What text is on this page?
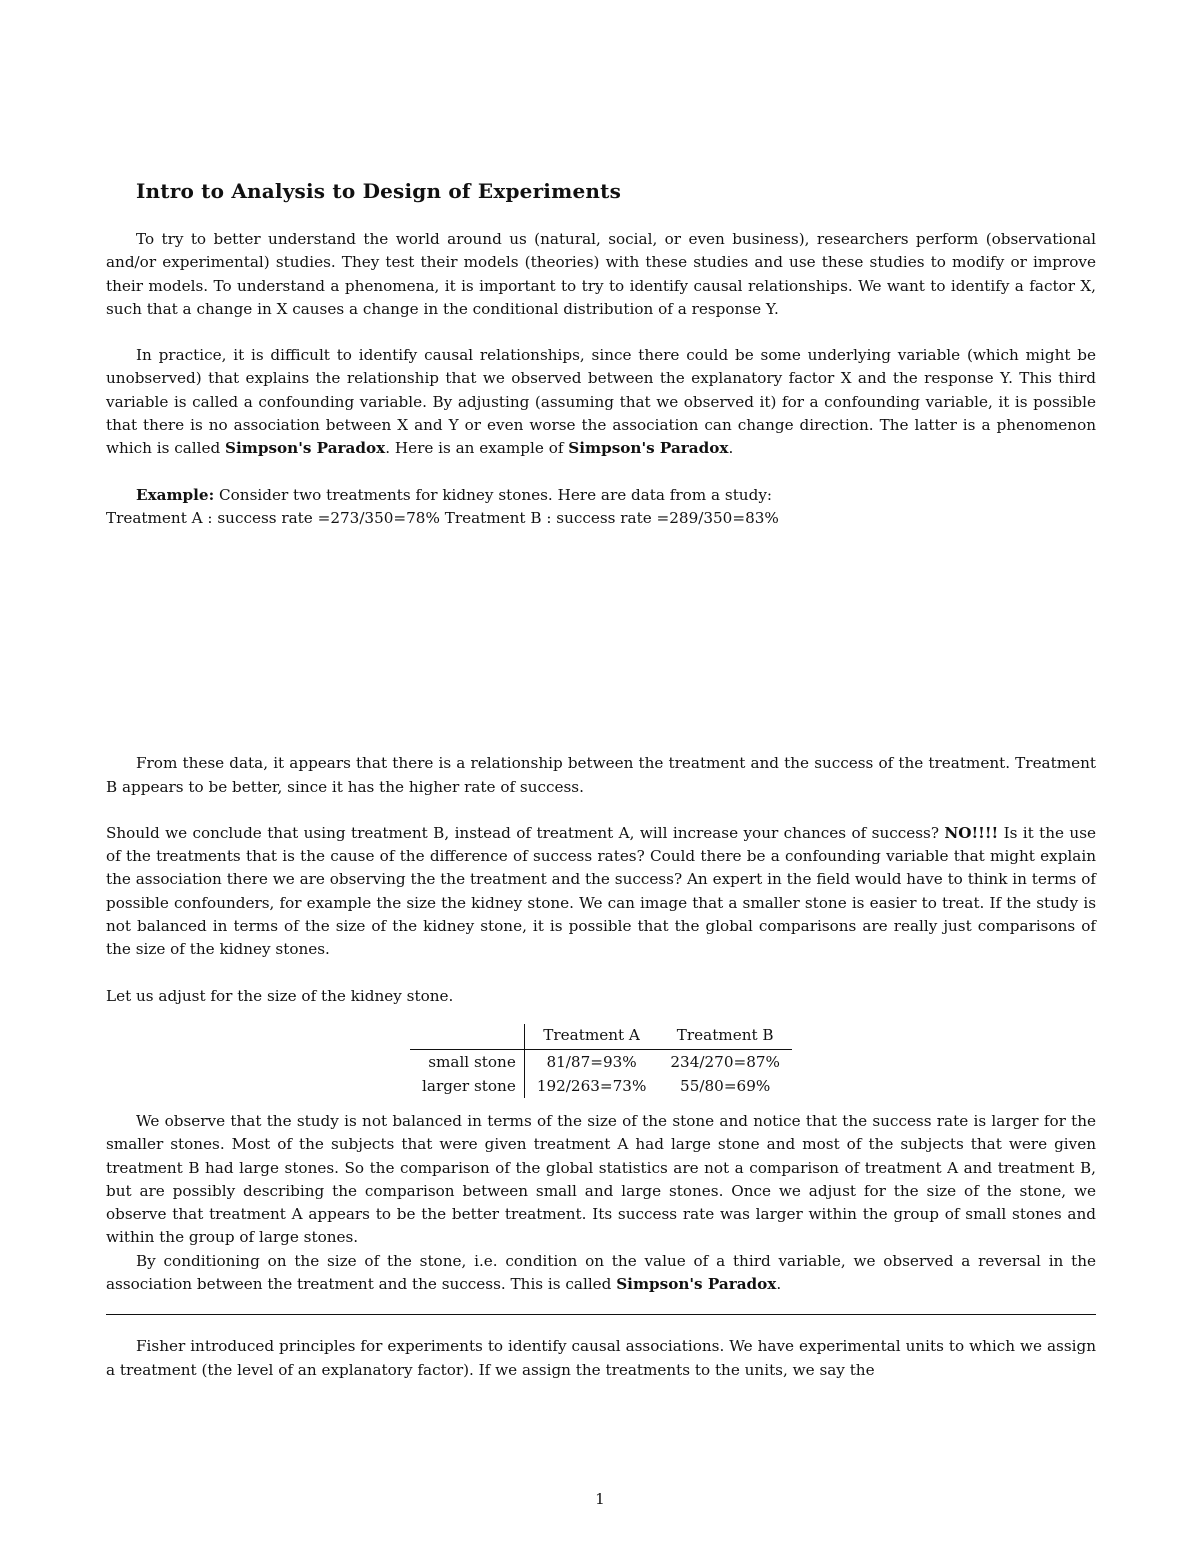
Intro to Analysis to Design of Experiments

To try to better understand the world around us (natural, social, or even business), researchers perform (observational and/or experimental) studies. They test their models (theories) with these studies and use these studies to modify or improve their models. To understand a phenomena, it is important to try to identify causal relationships. We want to identify a factor X, such that a change in X causes a change in the conditional distribution of a response Y.

In practice, it is difficult to identify causal relationships, since there could be some underlying variable (which might be unobserved) that explains the relationship that we observed between the explanatory factor X and the response Y. This third variable is called a confounding variable. By adjusting (assuming that we observed it) for a confounding variable, it is possible that there is no association between X and Y or even worse the association can change direction. The latter is a phenomenon which is called Simpson's Paradox. Here is an example of Simpson's Paradox.

Example: Consider two treatments for kidney stones. Here are data from a study:

Treatment A : success rate =273/350=78% Treatment B : success rate =289/350=83%

From these data, it appears that there is a relationship between the treatment and the success of the treatment. Treatment B appears to be better, since it has the higher rate of success.

Should we conclude that using treatment B, instead of treatment A, will increase your chances of success? NO!!!! Is it the use of the treatments that is the cause of the difference of success rates? Could there be a confounding variable that might explain the association there we are observing the the treatment and the success? An expert in the field would have to think in terms of possible confounders, for example the size the kidney stone. We can image that a smaller stone is easier to treat. If the study is not balanced in terms of the size of the kidney stone, it is possible that the global comparisons are really just comparisons of the size of the kidney stones.

Let us adjust for the size of the kidney stone.

	Treatment A	Treatment B
small stone	81/87=93%	234/270=87%
larger stone	192/263=73%	55/80=69%

We observe that the study is not balanced in terms of the size of the stone and notice that the success rate is larger for the smaller stones. Most of the subjects that were given treatment A had large stone and most of the subjects that were given treatment B had large stones. So the comparison of the global statistics are not a comparison of treatment A and treatment B, but are possibly describing the comparison between small and large stones. Once we adjust for the size of the stone, we observe that treatment A appears to be the better treatment. Its success rate was larger within the group of small stones and within the group of large stones.

By conditioning on the size of the stone, i.e. condition on the value of a third variable, we observed a reversal in the association between the treatment and the success. This is called Simpson's Paradox.

Fisher introduced principles for experiments to identify causal associations. We have experimental units to which we assign a treatment (the level of an explanatory factor). If we assign the treatments to the units, we say the

1
